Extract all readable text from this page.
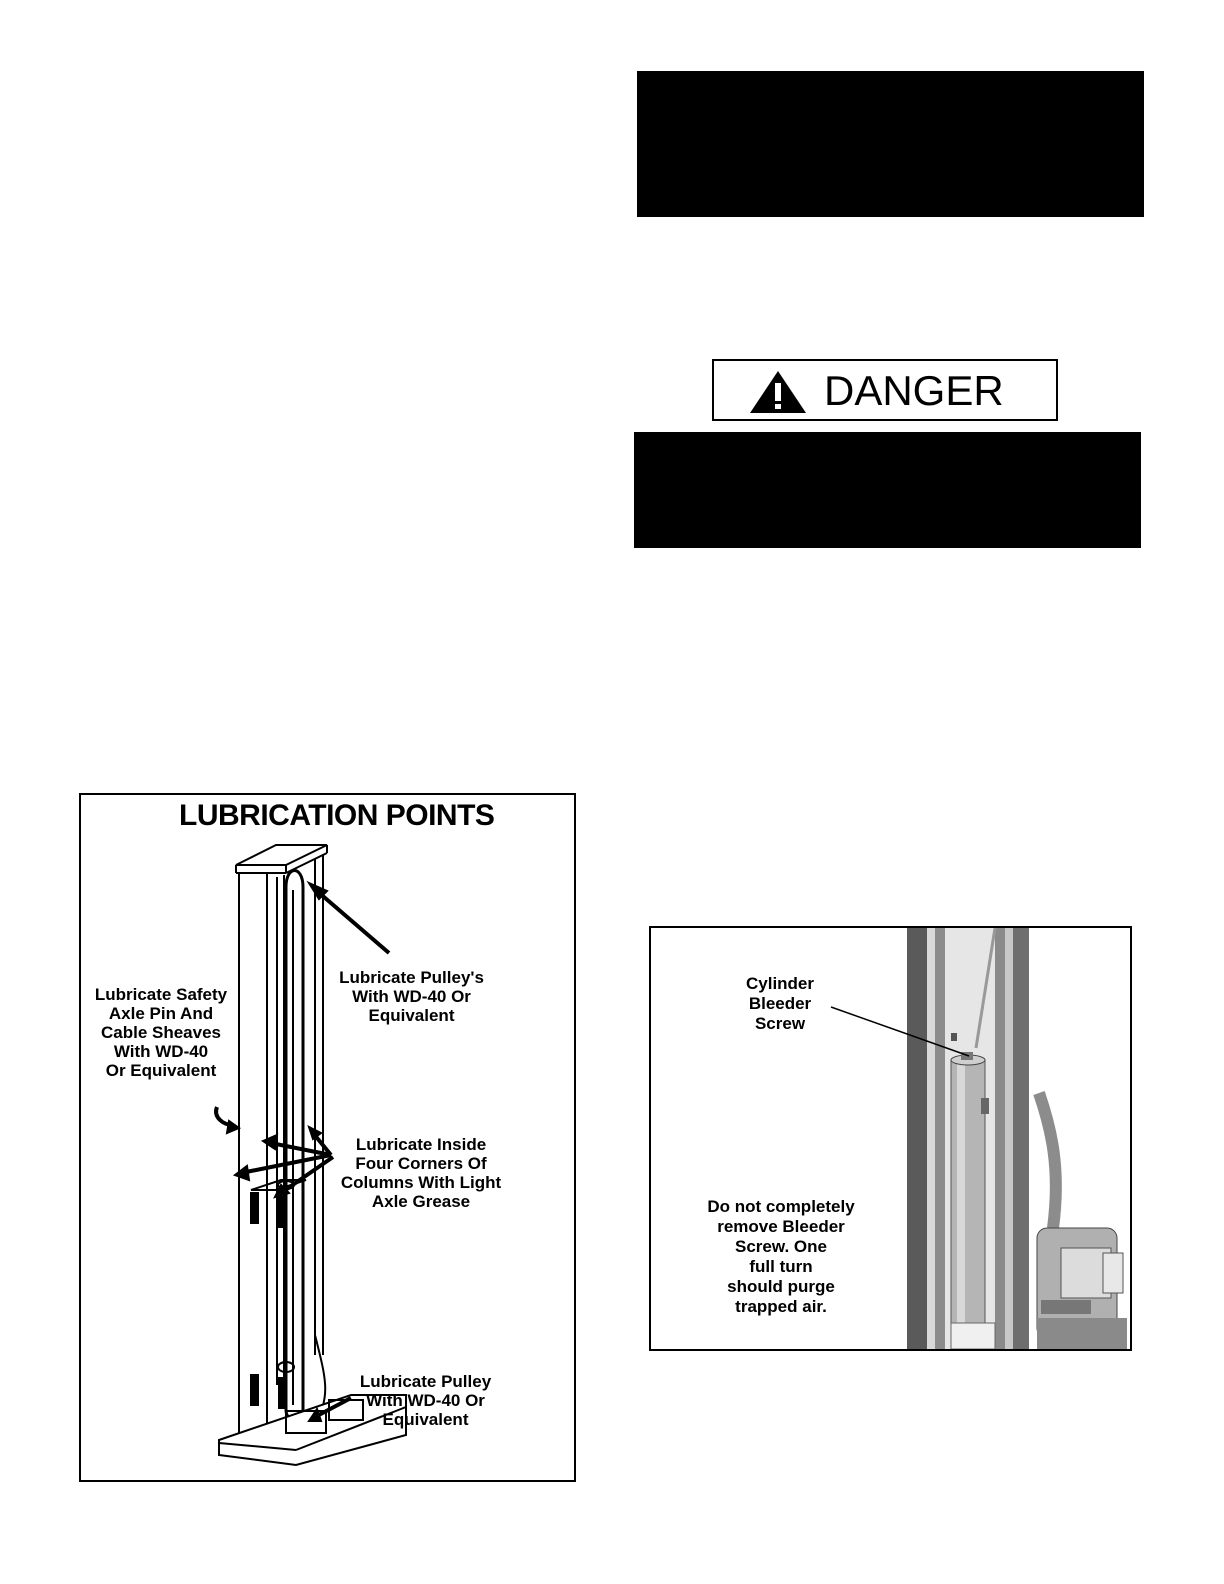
DANGER
LUBRICATION POINTS
Lubricate Safety
Axle Pin And
Cable Sheaves
With WD-40
Or Equivalent
Lubricate Pulley's
With WD-40 Or
Equivalent
Lubricate Inside
Four Corners Of
Columns With Light
Axle Grease
Lubricate Pulley
With WD-40 Or
Equivalent
Cylinder
Bleeder
Screw
Do not completely
remove Bleeder
Screw. One
full turn
should purge
trapped air.
